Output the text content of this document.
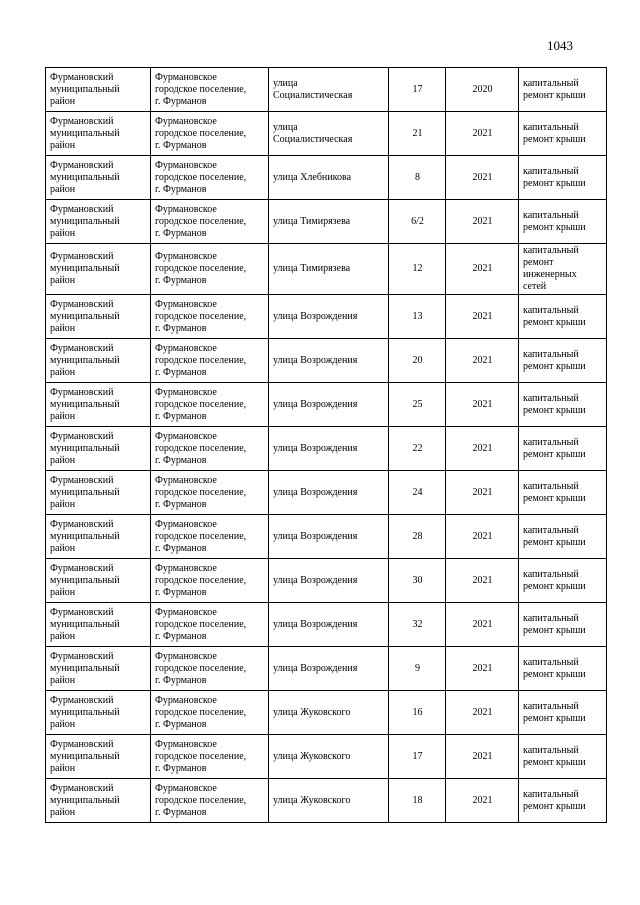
1043
Фурмановский
муниципальный
район	Фурмановское
городское поселение,
г. Фурманов	улица
Социалистическая	17	2020	капитальный
ремонт крыши

Фурмановский
муниципальный
район	Фурмановское
городское поселение,
г. Фурманов	улица
Социалистическая	21	2021	капитальный
ремонт крыши

Фурмановский
муниципальный
район	Фурмановское
городское поселение,
г. Фурманов	улица Хлебникова	8	2021	капитальный
ремонт крыши

Фурмановский
муниципальный
район	Фурмановское
городское поселение,
г. Фурманов	улица Тимирязева	6/2	2021	капитальный
ремонт крыши

Фурмановский
муниципальный
район	Фурмановское
городское поселение,
г. Фурманов	улица Тимирязева	12	2021	капитальный
ремонт
инженерных
сетей

Фурмановский
муниципальный
район	Фурмановское
городское поселение,
г. Фурманов	улица Возрождения	13	2021	капитальный
ремонт крыши

Фурмановский
муниципальный
район	Фурмановское
городское поселение,
г. Фурманов	улица Возрождения	20	2021	капитальный
ремонт крыши

Фурмановский
муниципальный
район	Фурмановское
городское поселение,
г. Фурманов	улица Возрождения	25	2021	капитальный
ремонт крыши

Фурмановский
муниципальный
район	Фурмановское
городское поселение,
г. Фурманов	улица Возрождения	22	2021	капитальный
ремонт крыши

Фурмановский
муниципальный
район	Фурмановское
городское поселение,
г. Фурманов	улица Возрождения	24	2021	капитальный
ремонт крыши

Фурмановский
муниципальный
район	Фурмановское
городское поселение,
г. Фурманов	улица Возрождения	28	2021	капитальный
ремонт крыши

Фурмановский
муниципальный
район	Фурмановское
городское поселение,
г. Фурманов	улица Возрождения	30	2021	капитальный
ремонт крыши

Фурмановский
муниципальный
район	Фурмановское
городское поселение,
г. Фурманов	улица Возрождения	32	2021	капитальный
ремонт крыши

Фурмановский
муниципальный
район	Фурмановское
городское поселение,
г. Фурманов	улица Возрождения	9	2021	капитальный
ремонт крыши

Фурмановский
муниципальный
район	Фурмановское
городское поселение,
г. Фурманов	улица Жуковского	16	2021	капитальный
ремонт крыши

Фурмановский
муниципальный
район	Фурмановское
городское поселение,
г. Фурманов	улица Жуковского	17	2021	капитальный
ремонт крыши

Фурмановский
муниципальный
район	Фурмановское
городское поселение,
г. Фурманов	улица Жуковского	18	2021	капитальный
ремонт крыши
